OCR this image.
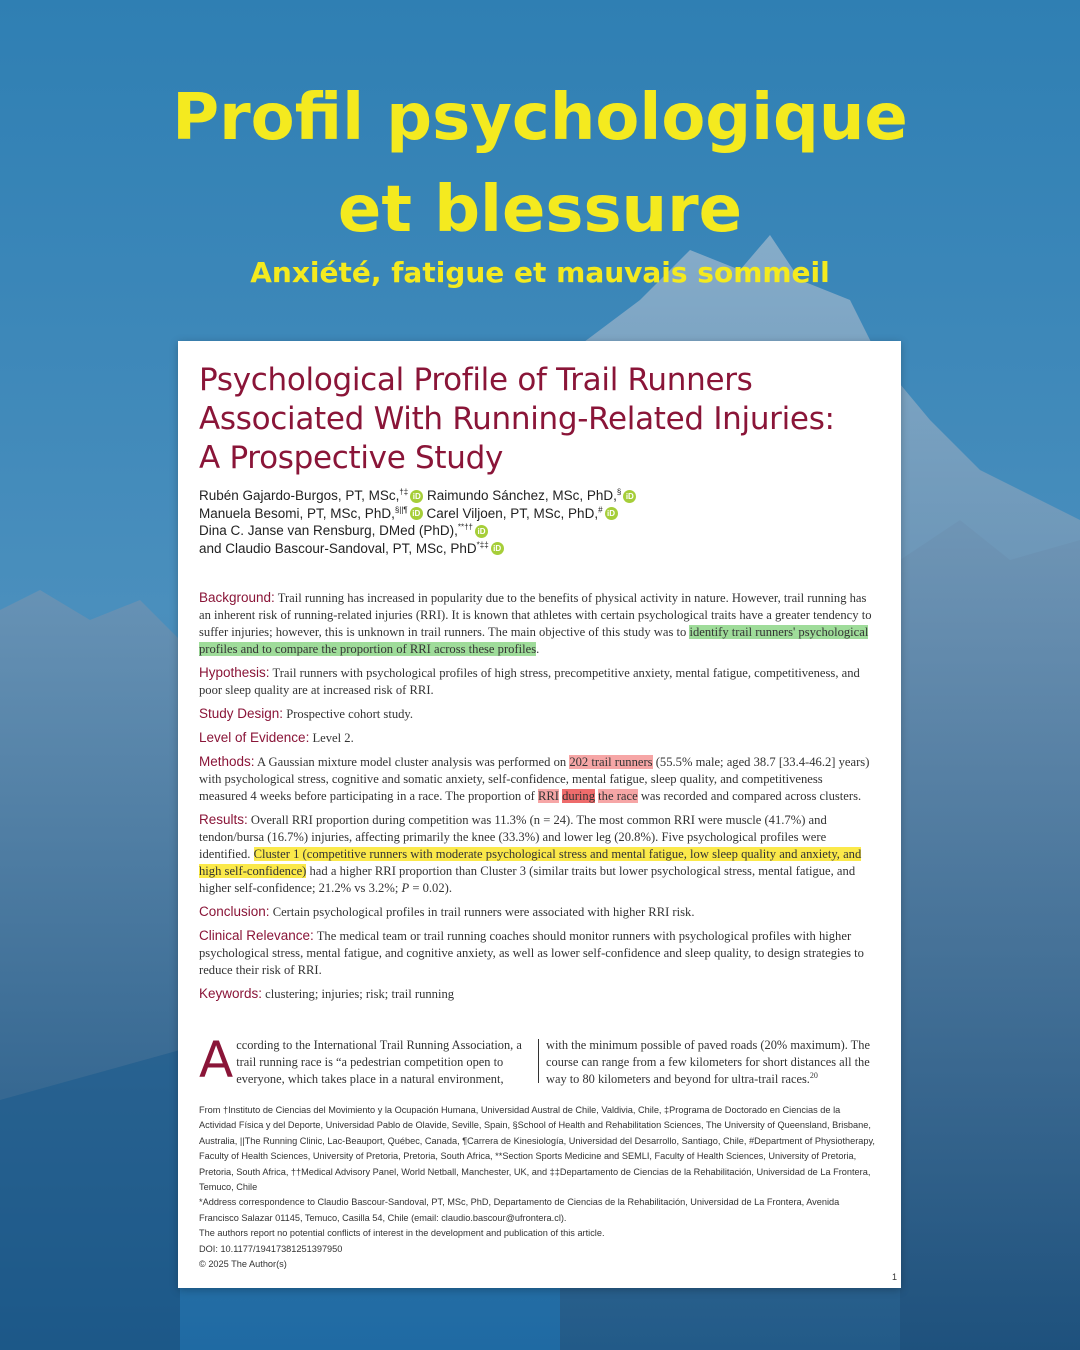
Profil psychologique
et blessure

Anxiété, fatigue et mauvais sommeil

Psychological Profile of Trail Runners
Associated With Running-Related Injuries:
A Prospective Study
Rubén Gajardo-Burgos, PT, MSc,†‡ iD Raimundo Sánchez, MSc, PhD,§ iD
Manuela Besomi, PT, MSc, PhD,§||¶ iD Carel Viljoen, PT, MSc, PhD,# iD
Dina C. Janse van Rensburg, DMed (PhD),**†† iD
and Claudio Bascour-Sandoval, PT, MSc, PhD*‡‡ iD

Background: Trail running has increased in popularity due to the benefits of physical activity in nature. However, trail running has an inherent risk of running-related injuries (RRI). It is known that athletes with certain psychological traits have a greater tendency to suffer injuries; however, this is unknown in trail runners. The main objective of this study was to identify trail runners' psychological profiles and to compare the proportion of RRI across these profiles.

Hypothesis: Trail runners with psychological profiles of high stress, precompetitive anxiety, mental fatigue, competitiveness, and poor sleep quality are at increased risk of RRI.

Study Design: Prospective cohort study.

Level of Evidence: Level 2.

Methods: A Gaussian mixture model cluster analysis was performed on 202 trail runners (55.5% male; aged 38.7 [33.4-46.2] years) with psychological stress, cognitive and somatic anxiety, self-confidence, mental fatigue, sleep quality, and competitiveness measured 4 weeks before participating in a race. The proportion of RRI during the race was recorded and compared across clusters.

Results: Overall RRI proportion during competition was 11.3% (n = 24). The most common RRI were muscle (41.7%) and tendon/bursa (16.7%) injuries, affecting primarily the knee (33.3%) and lower leg (20.8%). Five psychological profiles were identified. Cluster 1 (competitive runners with moderate psychological stress and mental fatigue, low sleep quality and anxiety, and high self-confidence) had a higher RRI proportion than Cluster 3 (similar traits but lower psychological stress, mental fatigue, and higher self-confidence; 21.2% vs 3.2%; P = 0.02).

Conclusion: Certain psychological profiles in trail runners were associated with higher RRI risk.

Clinical Relevance: The medical team or trail running coaches should monitor runners with psychological profiles with higher psychological stress, mental fatigue, and cognitive anxiety, as well as lower self-confidence and sleep quality, to design strategies to reduce their risk of RRI.

Keywords: clustering; injuries; risk; trail running

According to the International Trail Running Association, a trail running race is “a pedestrian competition open to everyone, which takes place in a natural environment,
with the minimum possible of paved roads (20% maximum). The course can range from a few kilometers for short distances all the way to 80 kilometers and beyond for ultra-trail races.$^{20}$

From †Instituto de Ciencias del Movimiento y la Ocupación Humana, Universidad Austral de Chile, Valdivia, Chile, ‡Programa de Doctorado en Ciencias de la Actividad Física y del Deporte, Universidad Pablo de Olavide, Seville, Spain, §School of Health and Rehabilitation Sciences, The University of Queensland, Brisbane, Australia, ||The Running Clinic, Lac-Beauport, Québec, Canada, ¶Carrera de Kinesiología, Universidad del Desarrollo, Santiago, Chile, #Department of Physiotherapy, Faculty of Health Sciences, University of Pretoria, Pretoria, South Africa, **Section Sports Medicine and SEMLI, Faculty of Health Sciences, University of Pretoria, Pretoria, South Africa, ††Medical Advisory Panel, World Netball, Manchester, UK, and ‡‡Departamento de Ciencias de la Rehabilitación, Universidad de La Frontera, Temuco, Chile

*Address correspondence to Claudio Bascour-Sandoval, PT, MSc, PhD, Departamento de Ciencias de la Rehabilitación, Universidad de La Frontera, Avenida Francisco Salazar 01145, Temuco, Casilla 54, Chile (email: claudio.bascour@ufrontera.cl).

The authors report no potential conflicts of interest in the development and publication of this article.

DOI: 10.1177/19417381251397950

© 2025 The Author(s)

1
